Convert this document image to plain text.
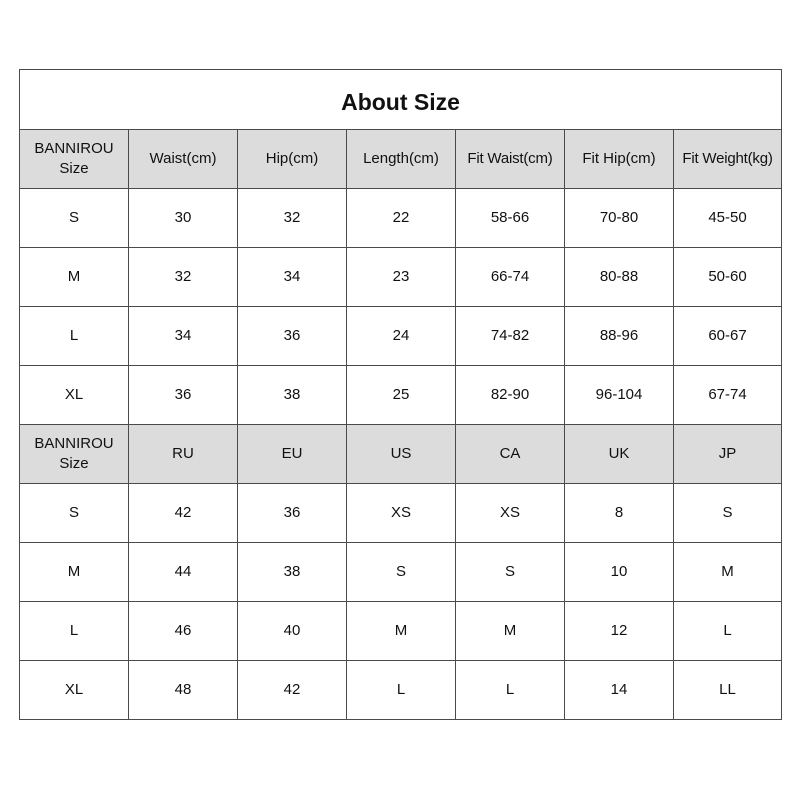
About Size						

BANNIROU
Size	Waist(cm)	Hip(cm)	Length(cm)	Fit Waist(cm)	Fit Hip(cm)	Fit Weight(kg)
S	30	32	22	58-66	70-80	45-50
M	32	34	23	66-74	80-88	50-60
L	34	36	24	74-82	88-96	60-67
XL	36	38	25	82-90	96-104	67-74

BANNIROU
Size	RU	EU	US	CA	UK	JP
S	42	36	XS	XS	8	S
M	44	38	S	S	10	M
L	46	40	M	M	12	L
XL	48	42	L	L	14	LL
